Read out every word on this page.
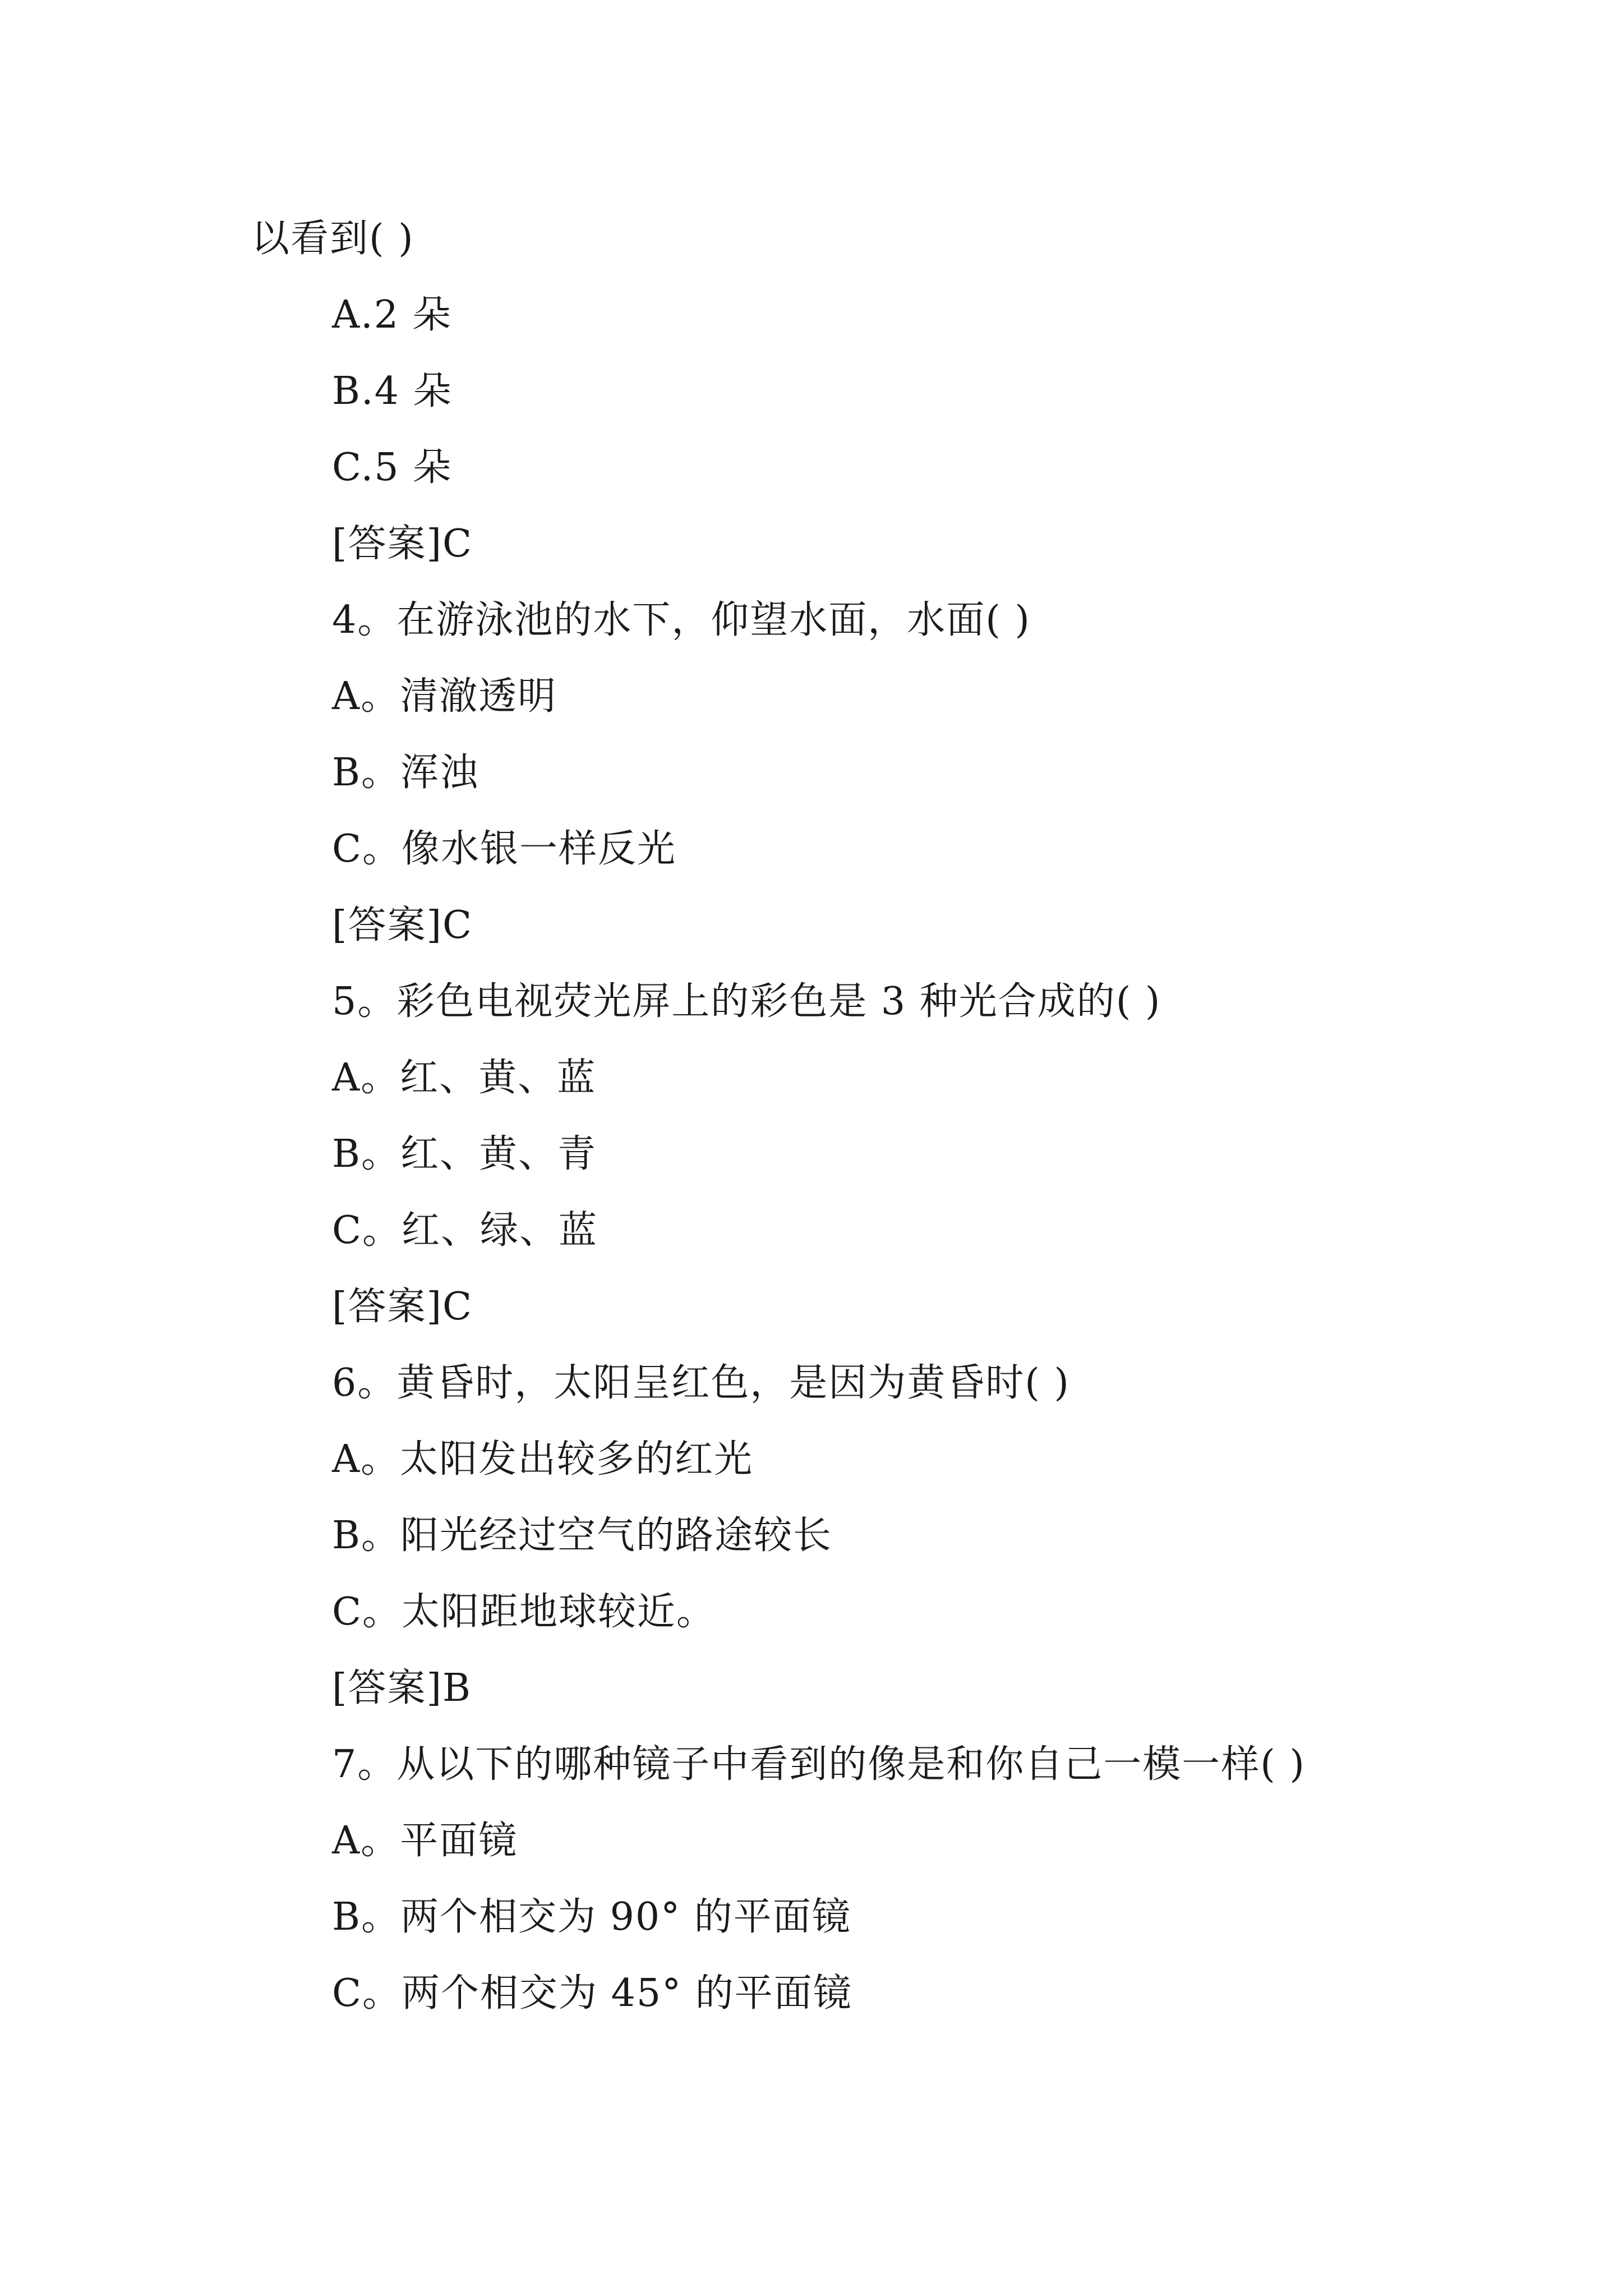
以看到( )
A.2 朵
B.4 朵
C.5 朵
[答案]C
4。在游泳池的水下，仰望水面，水面( )
A。清澈透明
B。浑浊
C。像水银一样反光
[答案]C
5。彩色电视荧光屏上的彩色是 3 种光合成的( )
A。红、黄、蓝
B。红、黄、青
C。红、绿、蓝
[答案]C
6。黄昏时，太阳呈红色，是因为黄昏时( )
A。太阳发出较多的红光
B。阳光经过空气的路途较长
C。太阳距地球较近。
[答案]B
7。从以下的哪种镜子中看到的像是和你自己一模一样( )
A。平面镜
B。两个相交为 90° 的平面镜
C。两个相交为 45° 的平面镜
